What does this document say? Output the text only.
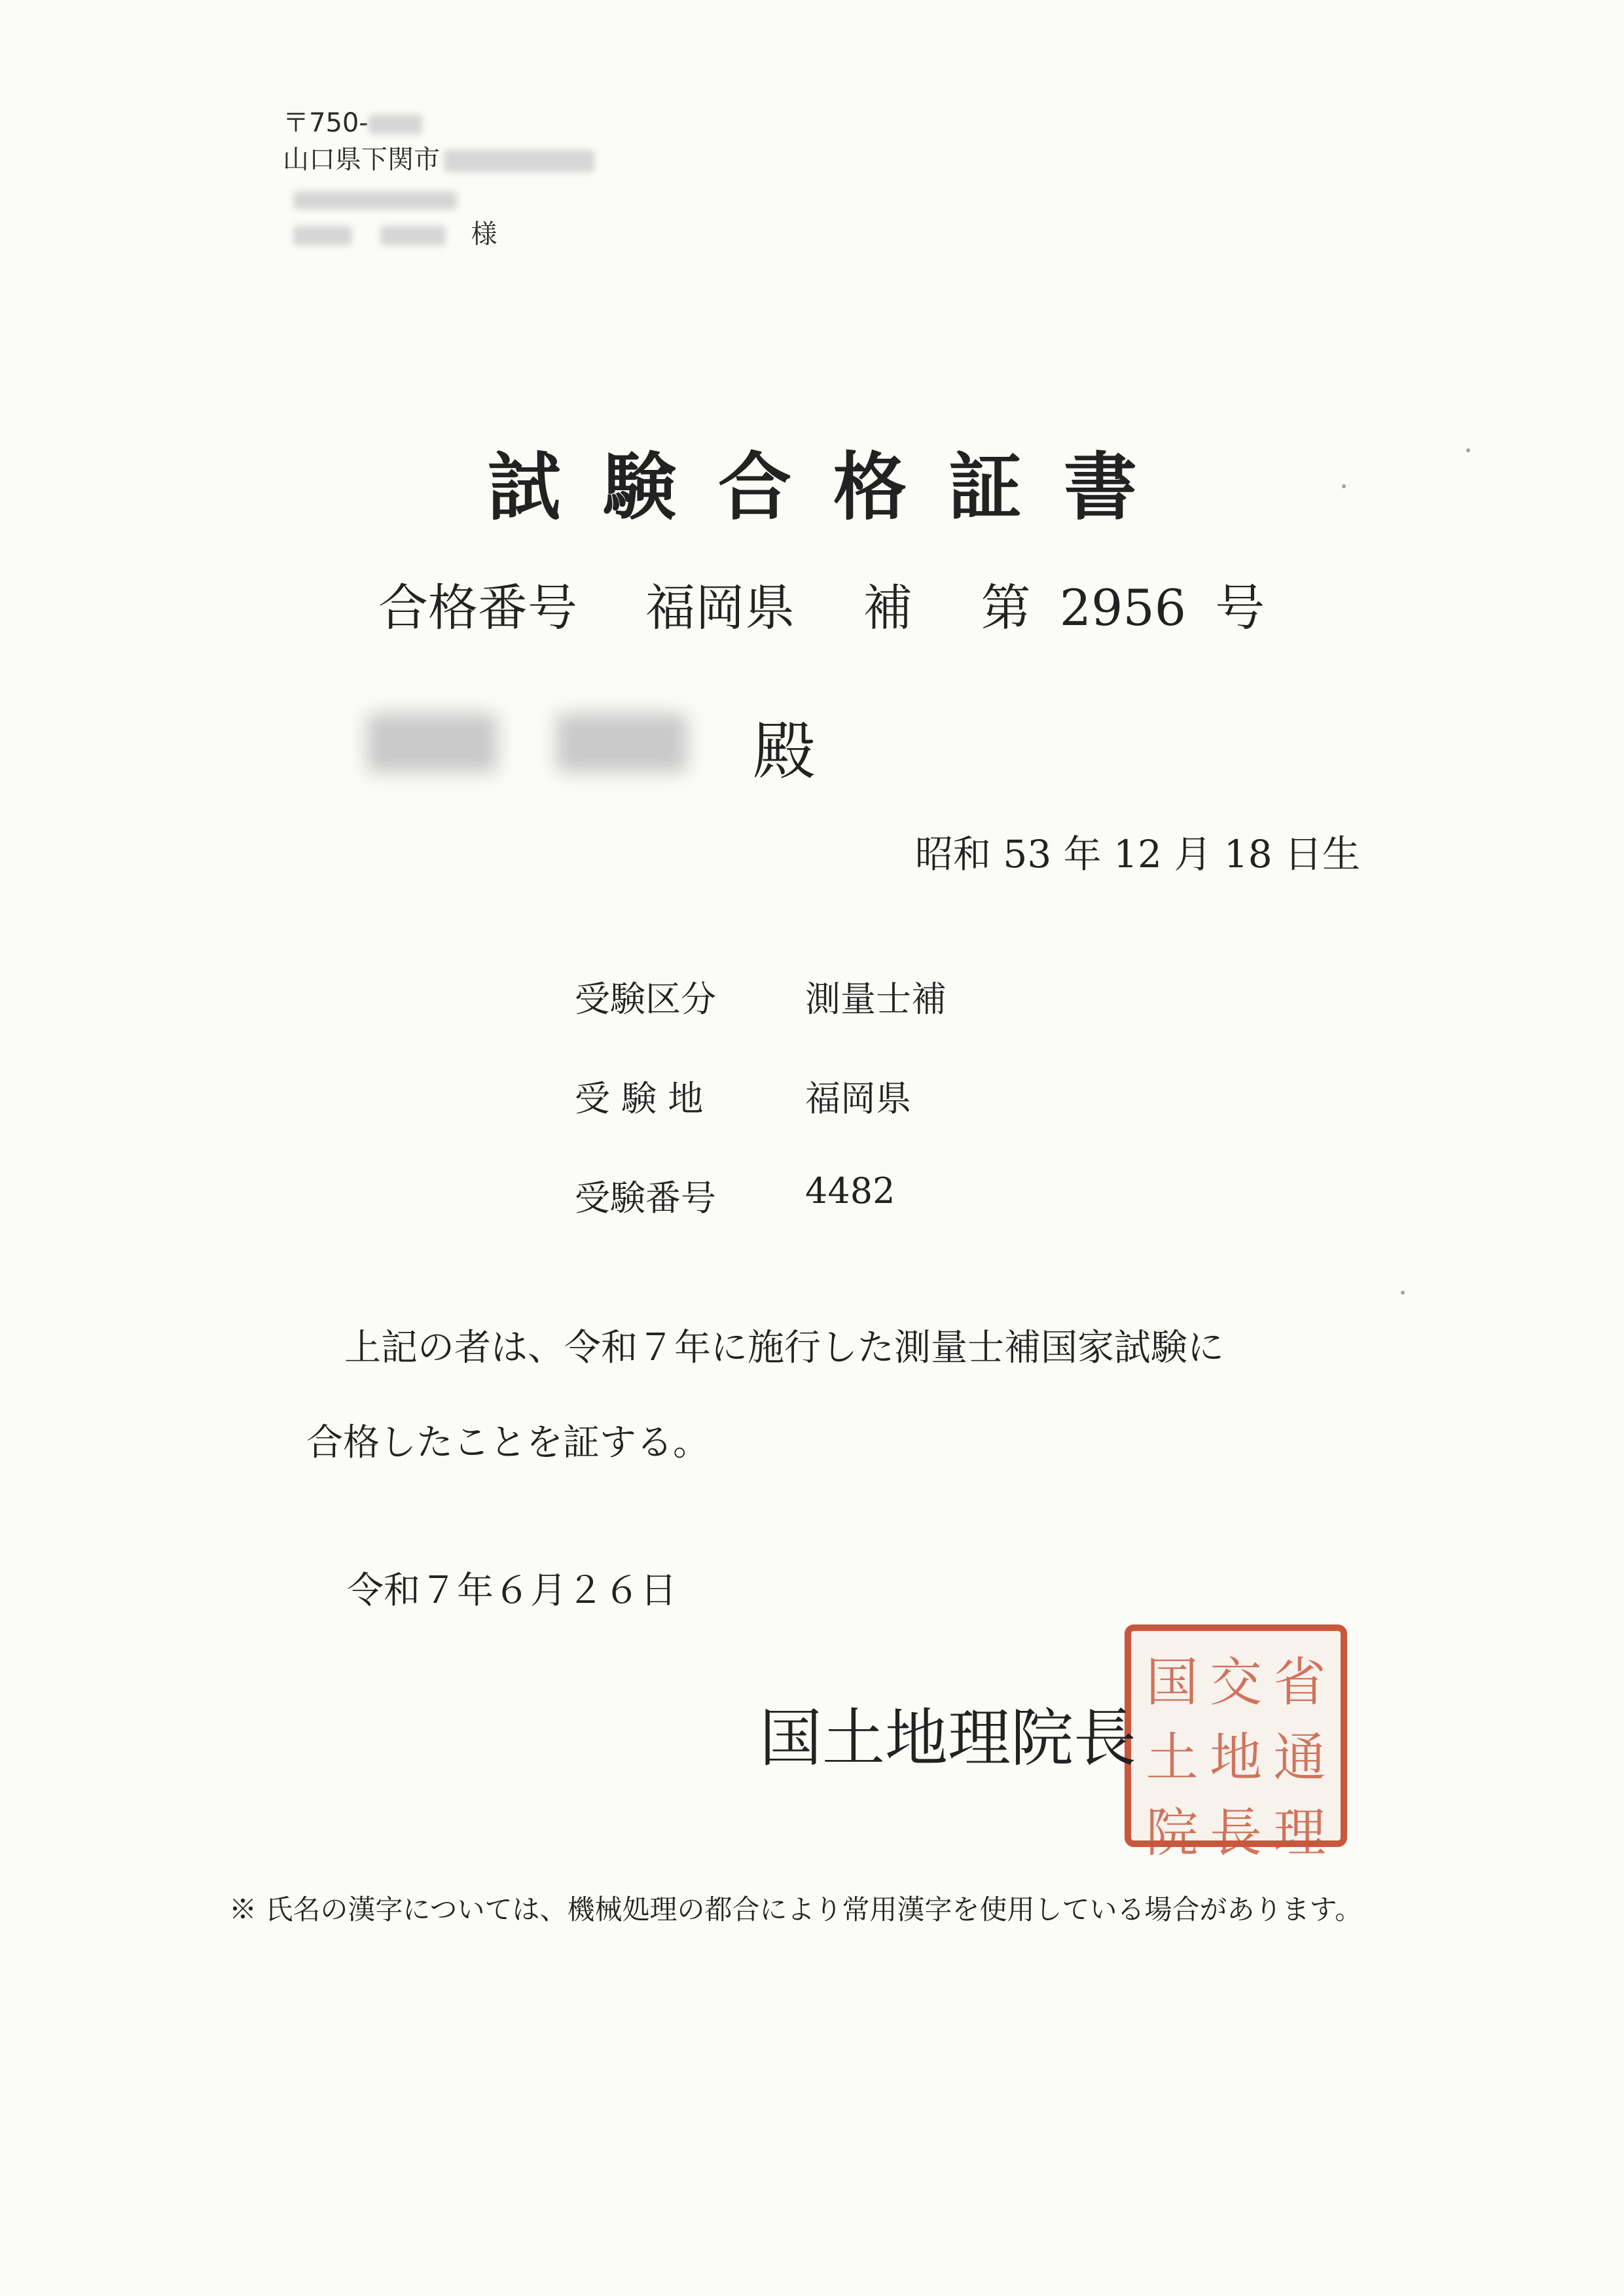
〒750-
山口県下関市
様
試験合格証書
合格番号 福岡県 補 第 2956 号
殿
昭和 53 年 12 月 18 日生
受験区分	測量士補
受 験 地	福岡県
受験番号	4482
上記の者は、令和７年に施行した測量士補国家試験に
合格したことを証する。
令和７年６月２６日
国 交 省
土 地 通
院 長 理
国土地理院長
※ 氏名の漢字については、機械処理の都合により常用漢字を使用している場合があります。
